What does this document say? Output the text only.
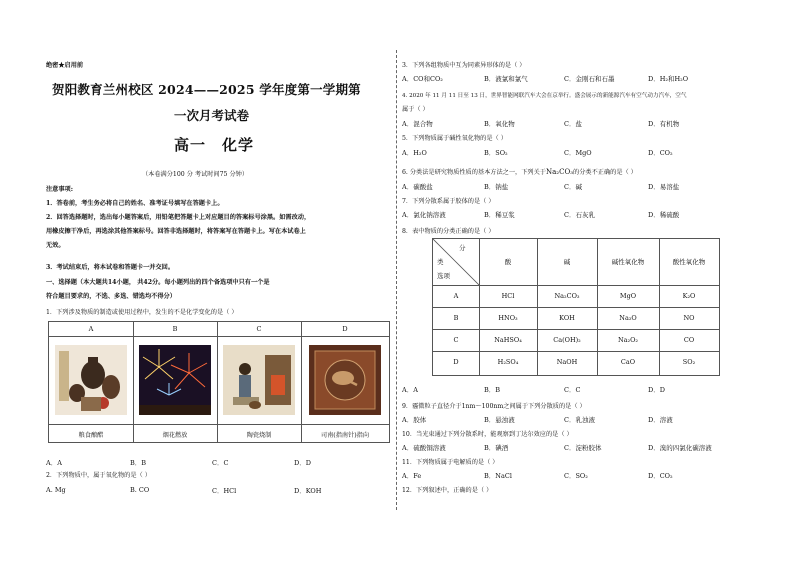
绝密★启用前
贺阳教育兰州校区 2024——2025 学年度第一学期第
一次月考试卷
高一 化学
（本卷满分100 分 考试时间75 分钟）
注意事项:
1．答卷前，考生务必将自己的姓名、准考证号填写在答题卡上。
2．回答选择题时，选出每小题答案后，用铅笔把答题卡上对应题目的答案标号涂黑。如需改动，
用橡皮擦干净后，再选涂其他答案标号。回答非选择题时，将答案写在答题卡上。写在本试卷上
无效。
3．考试结束后，将本试卷和答题卡一并交回。
一、选择题（本大题共14小题， 共42分。每小题列出的四个备选项中只有一个是
符合题目要求的，不选、多选、错选均不得分）
1．下列涉及物质的制造或使用过程中，发生的不是化学变化的是（ ）
A	B	C	D
粮食酿醋	烟花燃放	陶瓷烧制	司南(指南针)指向
A．A	B．B	C．C	D．D
2．下列物质中，属于氧化物的是（ ）
A. Mg	B. CO	C．HCl	D．KOH
3．下列各组物质中互为同素异形体的是（ ）
A．CO和CO₂	B．液氯和氯气	C．金刚石和石墨	D．H₂和H₂O
4. 2020 年 11 月 11 日至 13 日，世界智能网联汽车大会在京举行。盛会展示的新能源汽车有空气动力汽车，空气
属于（ ）
A．混合物	B．氧化物	C．盐	D．有机物
5．下列物质属于碱性氧化物的是（ ）
A．H₂O	B．SO₂	C．MgO	D．CO₂
6. 分类法是研究物质性质的基本方法之一，下列关于Na₂CO₃的分类不正确的是（ ）
A．碳酸盐	B．钠盐	C．碱	D．易溶盐
7．下列分散系属于胶体的是（ ）
A．氯化钠溶液	B．稀豆浆	C．石灰乳	D．稀硫酸
8．表中物质的分类正确的是（ ）
分
类
选项
酸	碱	碱性氧化物	酸性氧化物
A	HCl	Na₂CO₃	MgO	K₂O
B	HNO₃	KOH	Na₂O	NO
C	NaHSO₄	Ca(OH)₂	Na₂O₂	CO
D	H₂SO₄	NaOH	CaO	SO₂
A．A	B．B	C．C	D．D
9．霾微粒子直径介于1nm～100nm之间属于下列分散质的是（ ）
A．胶体	B．悬浊液	C．乳浊液	D．溶液
10．当光束通过下列分散系时，能观察到丁达尔效应的是（ ）
A．硫酸铜溶液	B．碘酒	C．淀粉胶体	D．溴的四氯化碳溶液
11．下列物质属于电解质的是（ ）
A．Fe	B．NaCl	C．SO₂	D．CO₂
12．下列叙述中，正确的是（ ）
